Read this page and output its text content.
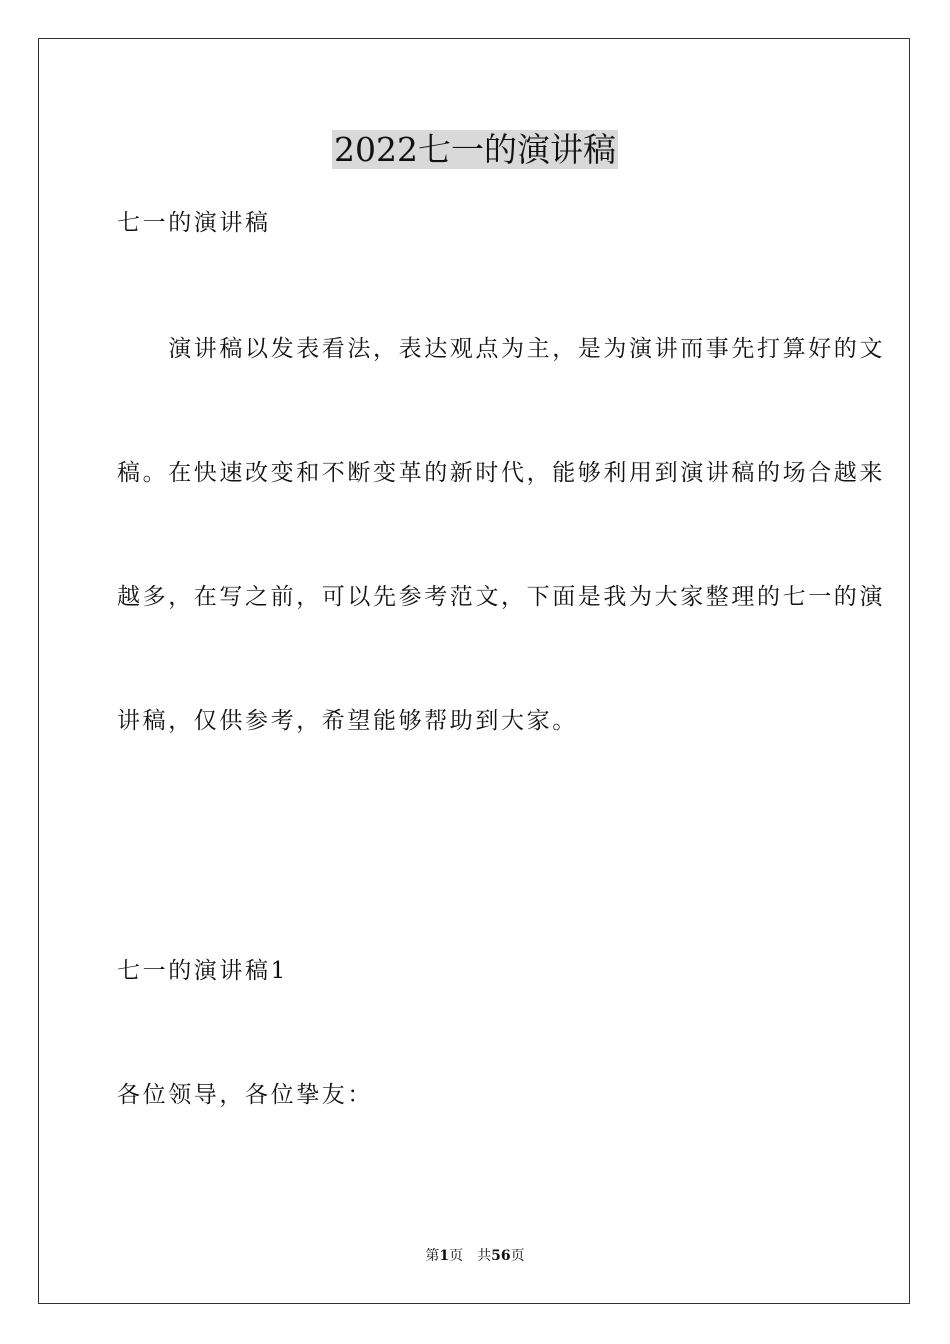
2022七一的演讲稿
七一的演讲稿
　　演讲稿以发表看法，表达观点为主，是为演讲而事先打算好的文
稿。在快速改变和不断变革的新时代，能够利用到演讲稿的场合越来
越多，在写之前，可以先参考范文，下面是我为大家整理的七一的演
讲稿，仅供参考，希望能够帮助到大家。
七一的演讲稿1
各位领导，各位挚友：
第1页 共56页
